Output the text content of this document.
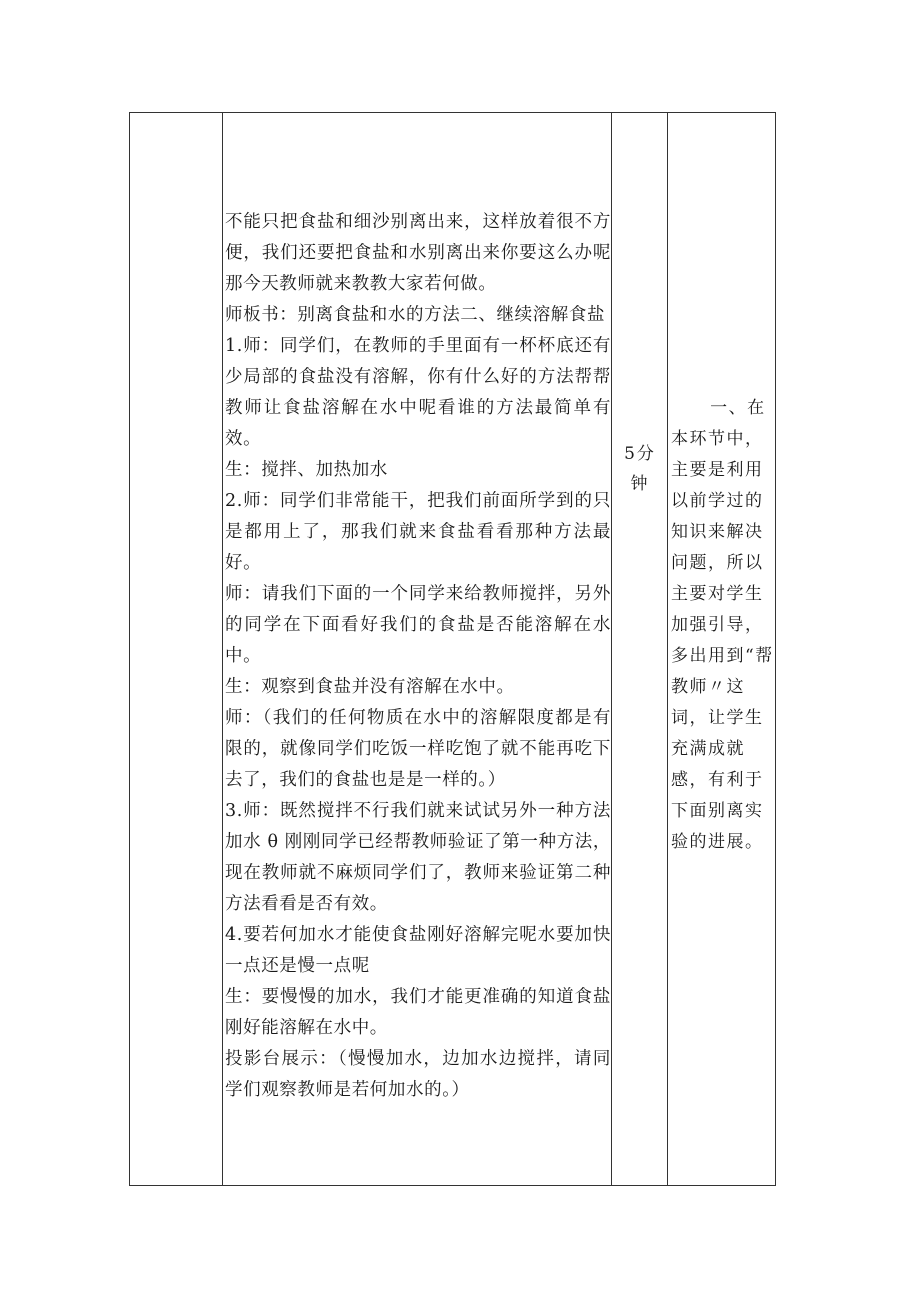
不能只把食盐和细沙别离出来，这样放着很不方便，我们还要把食盐和水别离出来你要这么办呢那今天教师就来教教大家若何做。

师板书：别离食盐和水的方法二、继续溶解食盐

1.师：同学们，在教师的手里面有一杯杯底还有少局部的食盐没有溶解，你有什么好的方法帮帮教师让食盐溶解在水中呢看谁的方法最简单有效。

生：搅拌、加热加水

2.师：同学们非常能干，把我们前面所学到的只是都用上了，那我们就来食盐看看那种方法最好。

师：请我们下面的一个同学来给教师搅拌，另外的同学在下面看好我们的食盐是否能溶解在水中。

生：观察到食盐并没有溶解在水中。

师：（我们的任何物质在水中的溶解限度都是有限的，就像同学们吃饭一样吃饱了就不能再吃下去了，我们的食盐也是是一样的。）

3.师：既然搅拌不行我们就来试试另外一种方法加水 θ 刚刚同学已经帮教师验证了第一种方法，现在教师就不麻烦同学们了，教师来验证第二种方法看看是否有效。

4.要若何加水才能使食盐刚好溶解完呢水要加快一点还是慢一点呢

生：要慢慢的加水，我们才能更准确的知道食盐刚好能溶解在水中。

投影台展示：（慢慢加水，边加水边搅拌，请同学们观察教师是若何加水的。）

5分
钟

一、在本环节中，主要是利用以前学过的知识来解决问题，所以主要对学生加强引导，多出用到“帮教师〃这词，让学生充满成就感，有利于下面别离实验的进展。
